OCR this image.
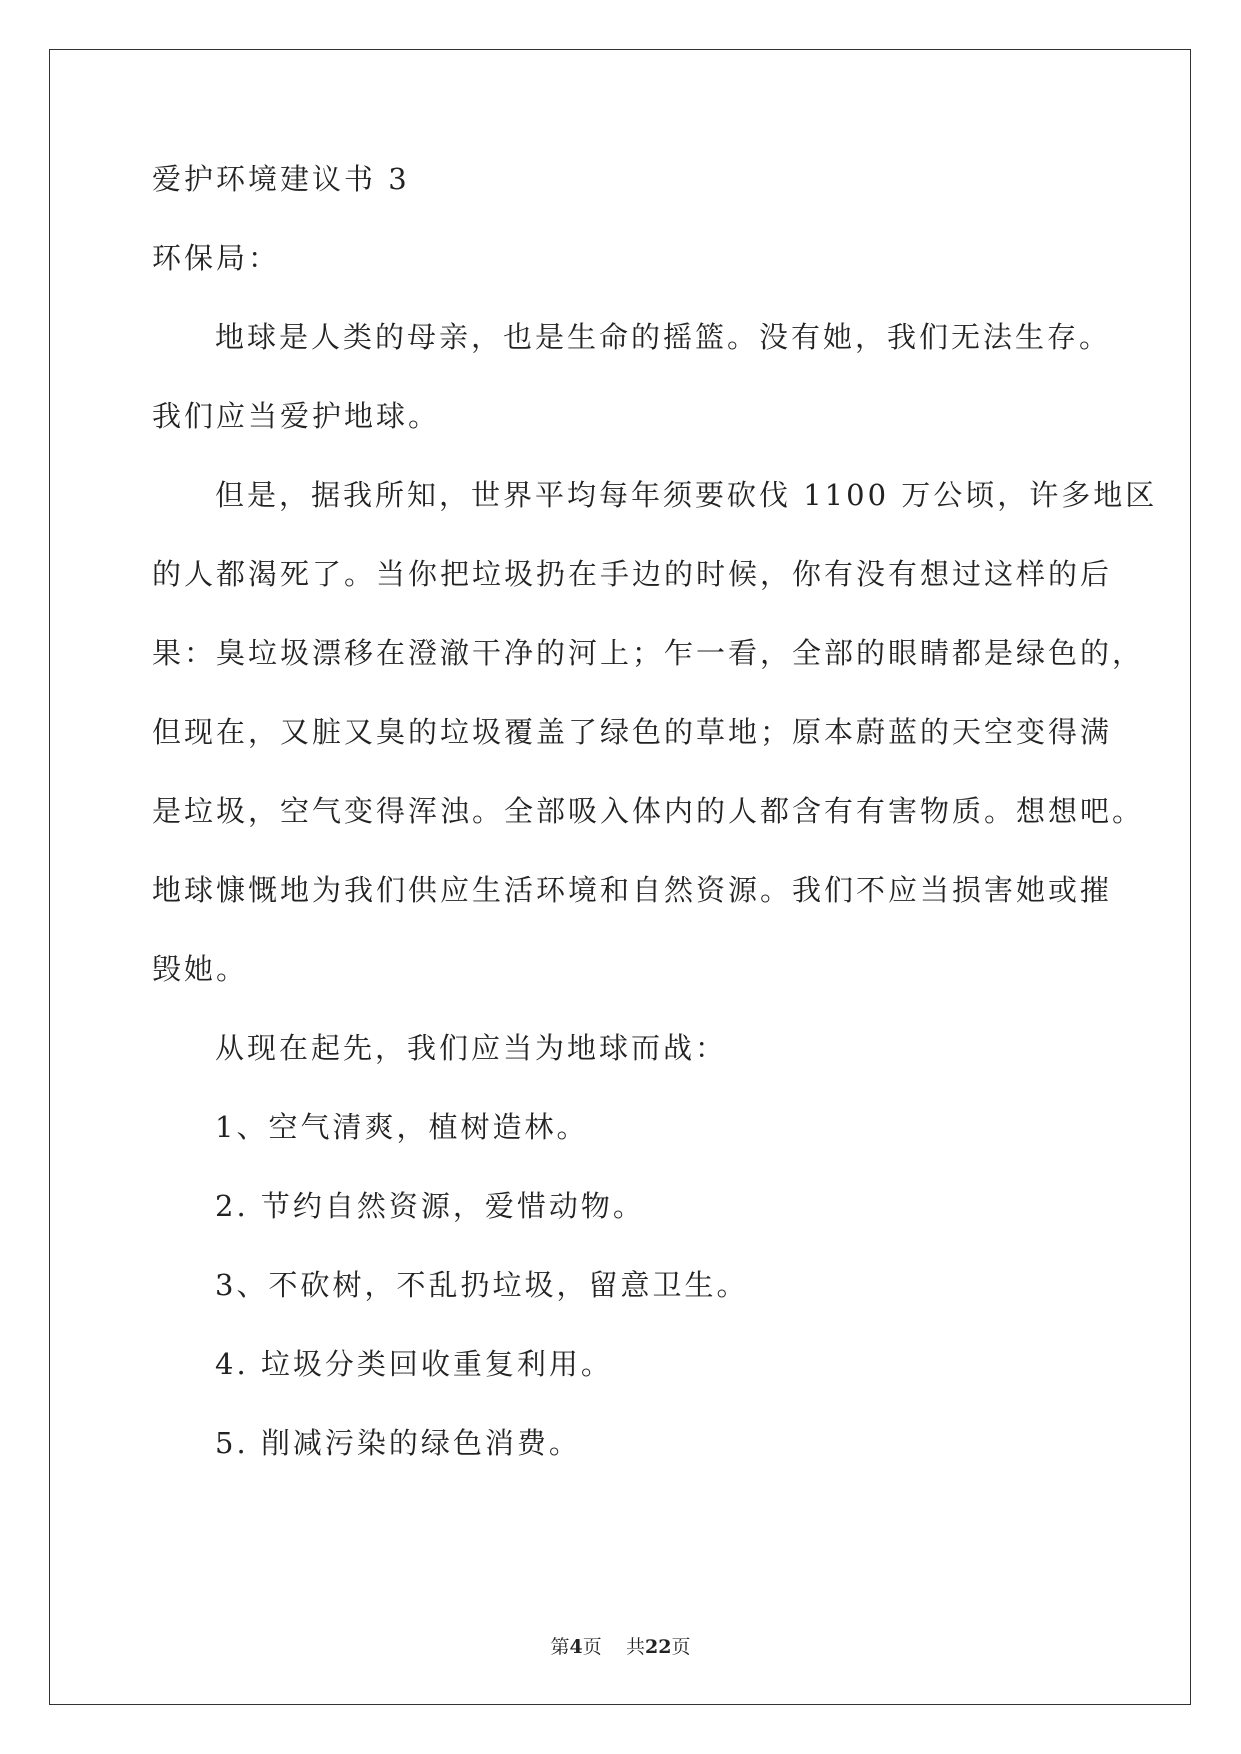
爱护环境建议书 3
环保局：
地球是人类的母亲，也是生命的摇篮。没有她，我们无法生存。
我们应当爱护地球。
但是，据我所知，世界平均每年须要砍伐 1100 万公顷，许多地区
的人都渴死了。当你把垃圾扔在手边的时候，你有没有想过这样的后
果：臭垃圾漂移在澄澈干净的河上；乍一看，全部的眼睛都是绿色的，
但现在，又脏又臭的垃圾覆盖了绿色的草地；原本蔚蓝的天空变得满
是垃圾，空气变得浑浊。全部吸入体内的人都含有有害物质。想想吧。
地球慷慨地为我们供应生活环境和自然资源。我们不应当损害她或摧
毁她。
从现在起先，我们应当为地球而战：
1、空气清爽，植树造林。
2. 节约自然资源，爱惜动物。
3、不砍树，不乱扔垃圾，留意卫生。
4. 垃圾分类回收重复利用。
5. 削减污染的绿色消费。
第4页 共22页
